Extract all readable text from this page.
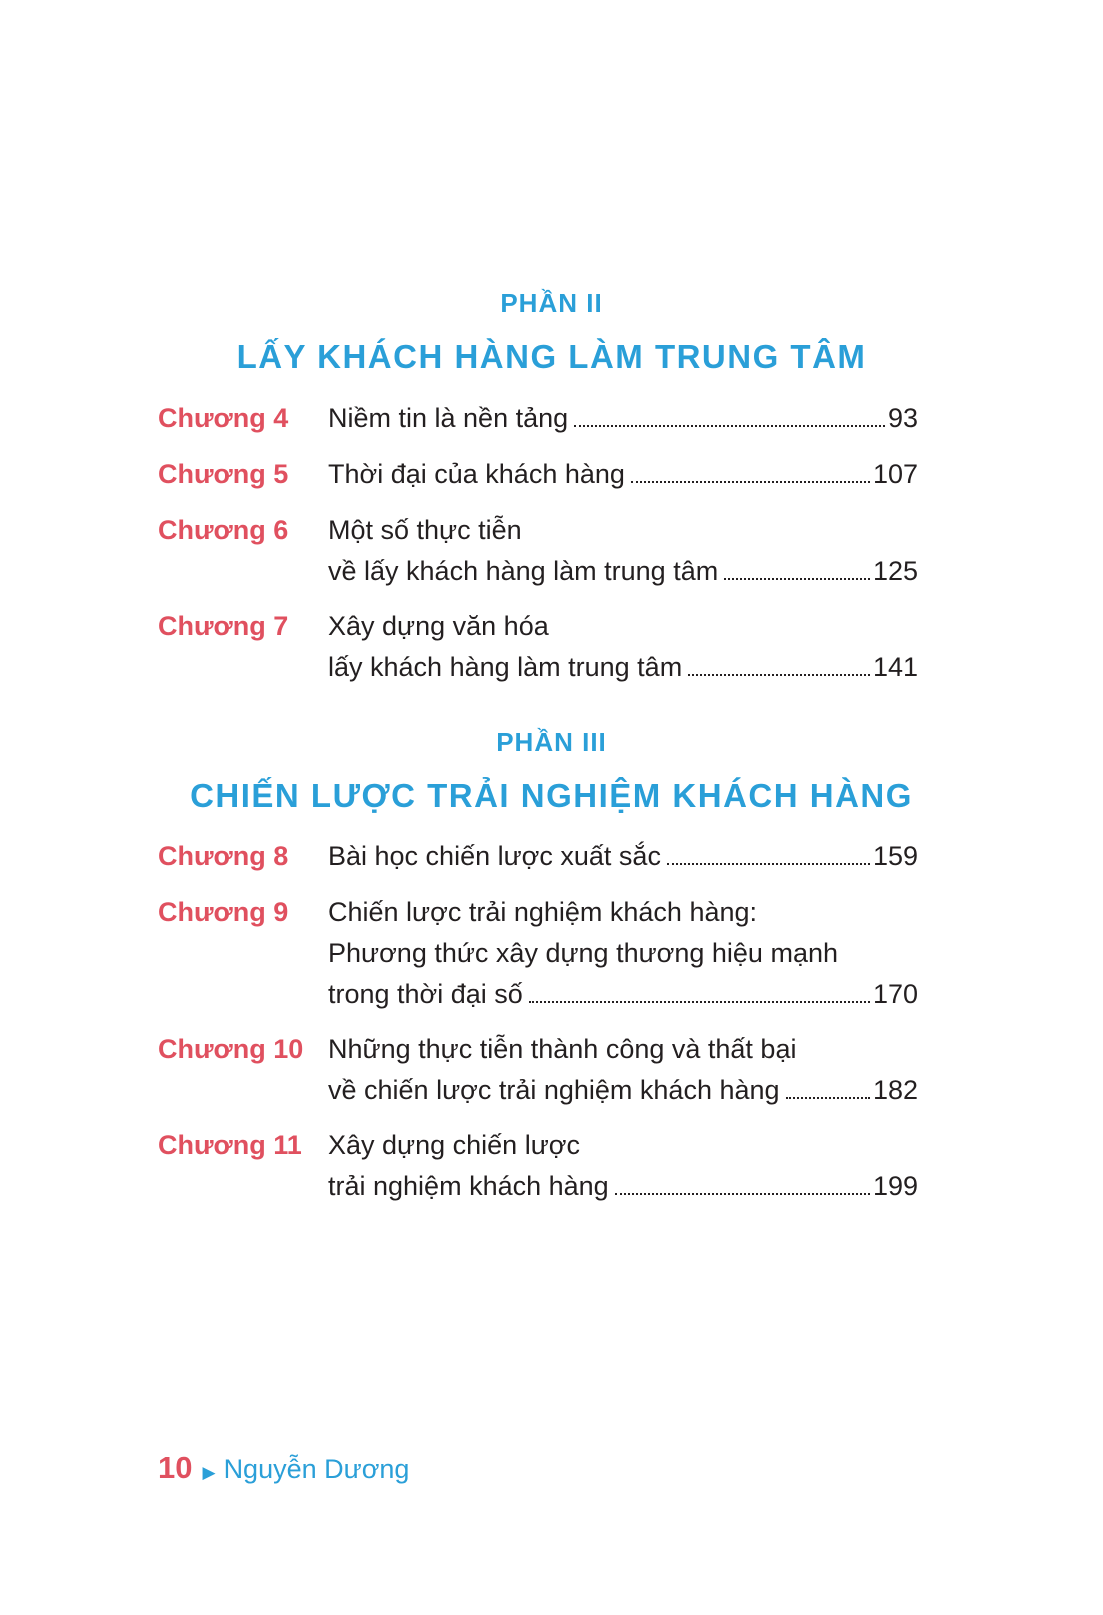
PHẦN II
LẤY KHÁCH HÀNG LÀM TRUNG TÂM
Chương 4 Niềm tin là nền tảng	93
Chương 5 Thời đại của khách hàng	107
Chương 6 Một số thực tiễn
về lấy khách hàng làm trung tâm	125
Chương 7 Xây dựng văn hóa
lấy khách hàng làm trung tâm	141
PHẦN III
CHIẾN LƯỢC TRẢI NGHIỆM KHÁCH HÀNG
Chương 8 Bài học chiến lược xuất sắc	159
Chương 9 Chiến lược trải nghiệm khách hàng:
Phương thức xây dựng thương hiệu mạnh
trong thời đại số	170
Chương 10 Những thực tiễn thành công và thất bại
về chiến lược trải nghiệm khách hàng	182
Chương 11 Xây dựng chiến lược
trải nghiệm khách hàng	199
10 ▶ Nguyễn Dương
